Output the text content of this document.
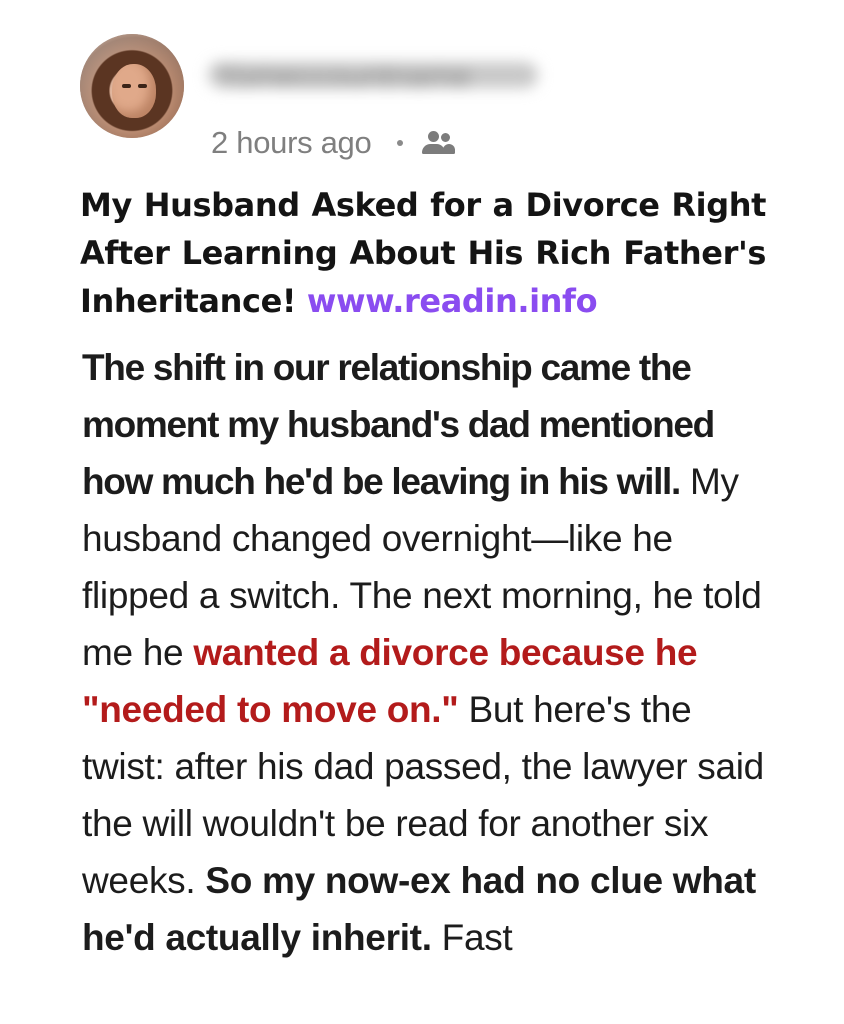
Yomeccountname
2 hours ago
My Husband Asked for a Divorce Right After Learning About His Rich Father's Inheritance! www.readin.info
The shift in our relationship came the moment my husband's dad mentioned how much he'd be leaving in his will. My husband changed overnight—like he flipped a switch. The next morning, he told me he wanted a divorce because he "needed to move on." But here's the twist: after his dad passed, the lawyer said the will wouldn't be read for another six weeks. So my now-ex had no clue what he'd actually inherit. Fast
